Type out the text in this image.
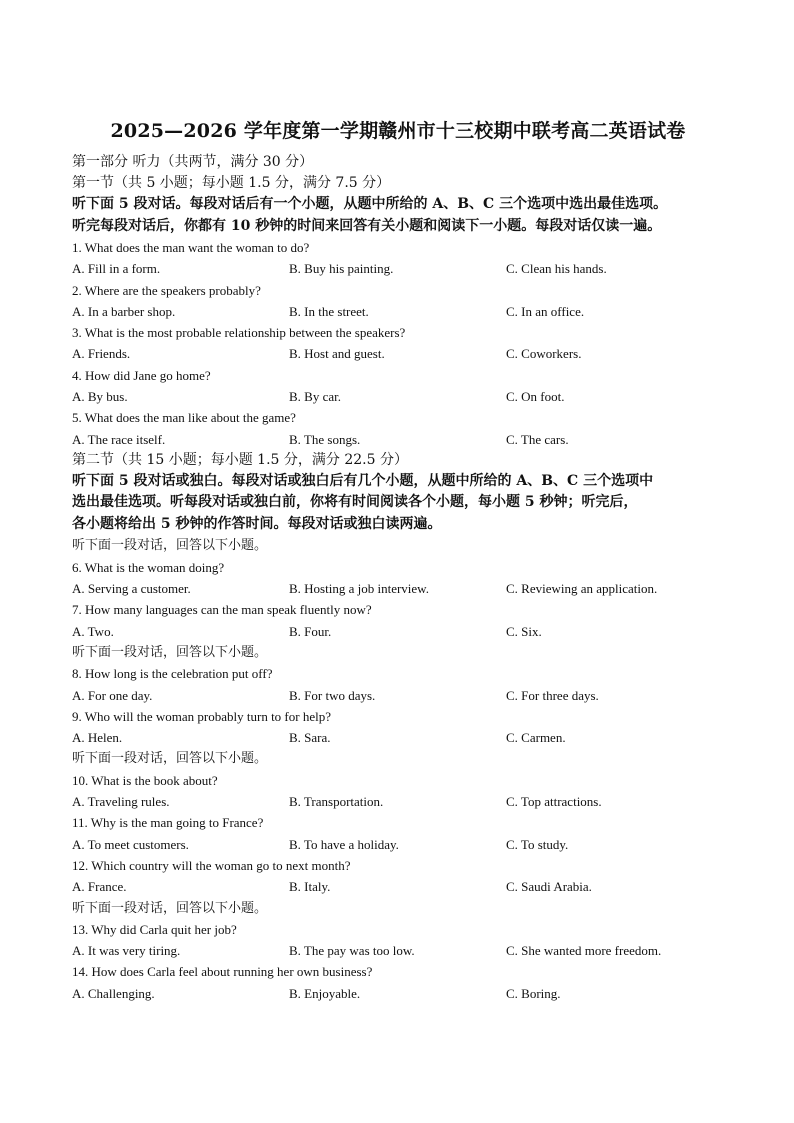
2025—2026 学年度第一学期赣州市十三校期中联考高二英语试卷
第一部分 听力（共两节，满分 30 分）
第一节（共 5 小题；每小题 1.5 分，满分 7.5 分）
听下面 5 段对话。每段对话后有一个小题，从题中所给的 A、B、C 三个选项中选出最佳选项。
听完每段对话后，你都有 10 秒钟的时间来回答有关小题和阅读下一小题。每段对话仅读一遍。
1. What does the man want the woman to do?
A. Fill in a form.	B. Buy his painting.	C. Clean his hands.
2. Where are the speakers probably?
A. In a barber shop.	B. In the street.	C. In an office.
3. What is the most probable relationship between the speakers?
A. Friends.	B. Host and guest.	C. Coworkers.
4. How did Jane go home?
A. By bus.	B. By car.	C. On foot.
5. What does the man like about the game?
A. The race itself.	B. The songs.	C. The cars.
第二节（共 15 小题；每小题 1.5 分，满分 22.5 分）
听下面 5 段对话或独白。每段对话或独白后有几个小题，从题中所给的 A、B、C 三个选项中
选出最佳选项。听每段对话或独白前，你将有时间阅读各个小题，每小题 5 秒钟；听完后，
各小题将给出 5 秒钟的作答时间。每段对话或独白读两遍。
听下面一段对话，回答以下小题。
6. What is the woman doing?
A. Serving a customer.	B. Hosting a job interview.	C. Reviewing an application.
7. How many languages can the man speak fluently now?
A. Two.	B. Four.	C. Six.
听下面一段对话，回答以下小题。
8. How long is the celebration put off?
A. For one day.	B. For two days.	C. For three days.
9. Who will the woman probably turn to for help?
A. Helen.	B. Sara.	C. Carmen.
听下面一段对话，回答以下小题。
10. What is the book about?
A. Traveling rules.	B. Transportation.	C. Top attractions.
11. Why is the man going to France?
A. To meet customers.	B. To have a holiday.	C. To study.
12. Which country will the woman go to next month?
A. France.	B. Italy.	C. Saudi Arabia.
听下面一段对话，回答以下小题。
13. Why did Carla quit her job?
A. It was very tiring.	B. The pay was too low.	C. She wanted more freedom.
14. How does Carla feel about running her own business?
A. Challenging.	B. Enjoyable.	C. Boring.
